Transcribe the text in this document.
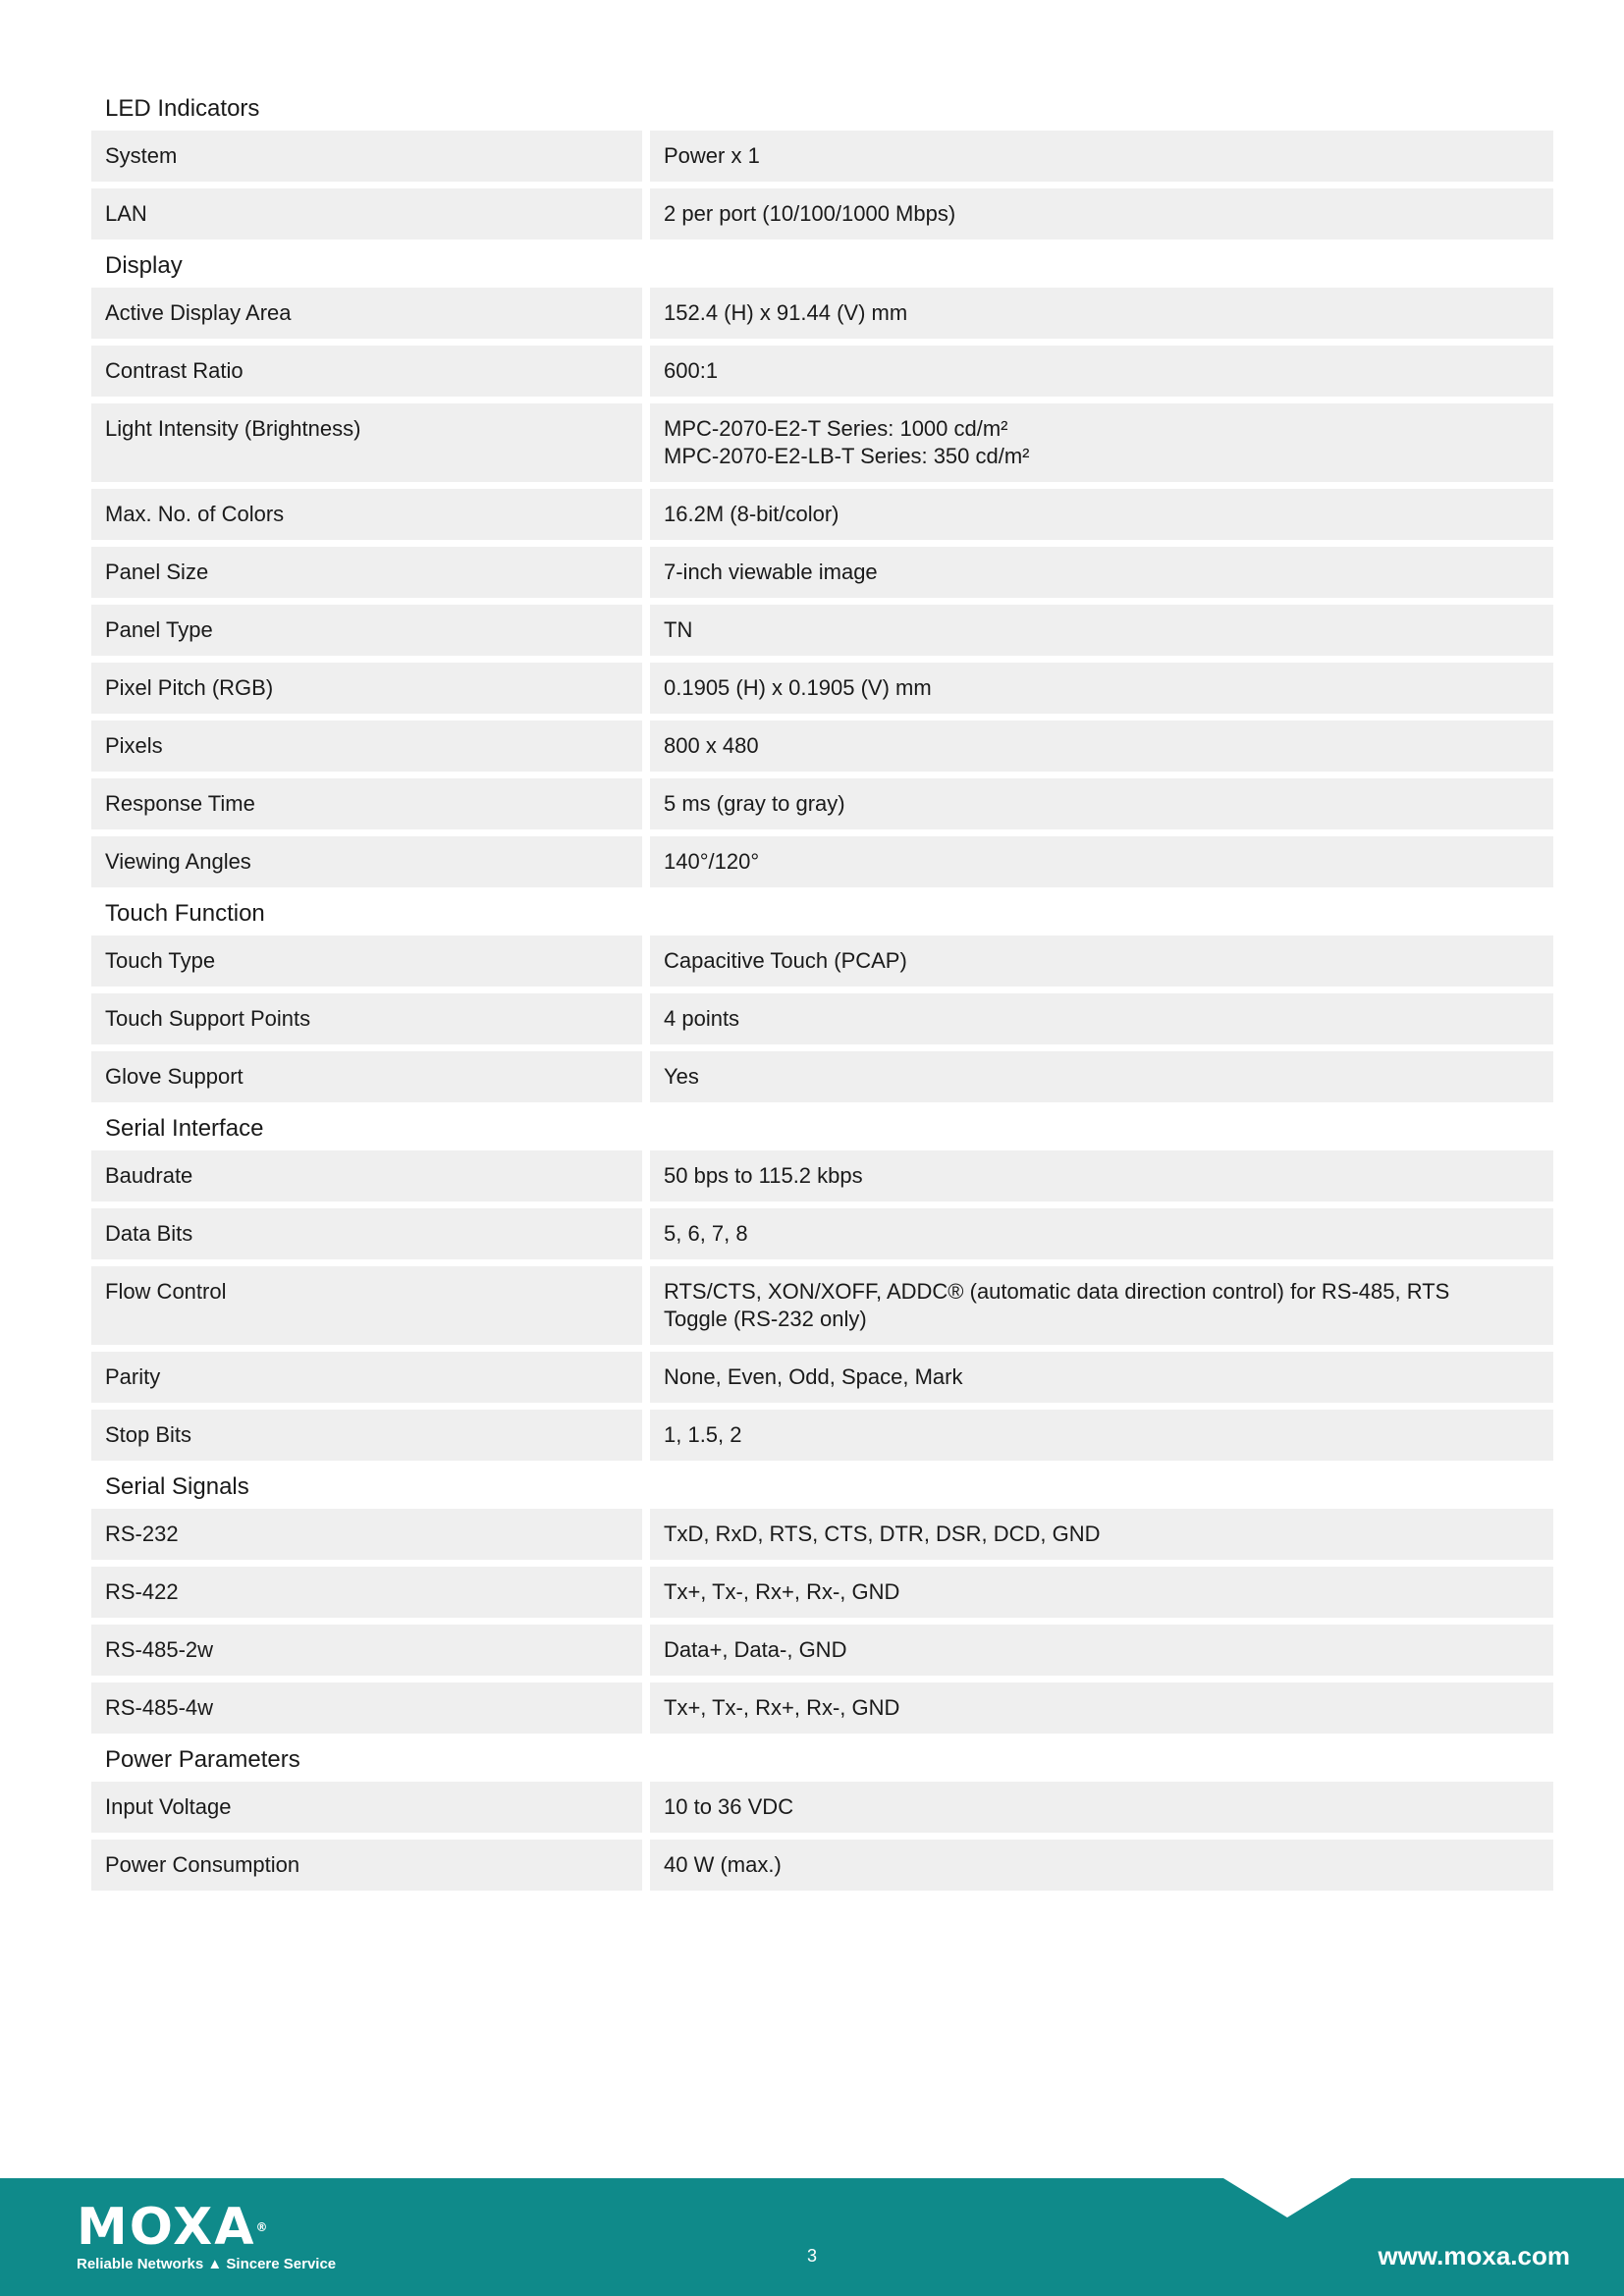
LED Indicators
System	Power x 1
LAN	2 per port (10/100/1000 Mbps)
Display
Active Display Area	152.4 (H) x 91.44 (V) mm
Contrast Ratio	600:1
Light Intensity (Brightness)	MPC-2070-E2-T Series: 1000 cd/m²
MPC-2070-E2-LB-T Series: 350 cd/m²
Max. No. of Colors	16.2M (8-bit/color)
Panel Size	7-inch viewable image
Panel Type	TN
Pixel Pitch (RGB)	0.1905 (H) x 0.1905 (V) mm
Pixels	800 x 480
Response Time	5 ms (gray to gray)
Viewing Angles	140°/120°
Touch Function
Touch Type	Capacitive Touch (PCAP)
Touch Support Points	4 points
Glove Support	Yes
Serial Interface
Baudrate	50 bps to 115.2 kbps
Data Bits	5, 6, 7, 8
Flow Control	RTS/CTS, XON/XOFF, ADDC® (automatic data direction control) for RS-485, RTS
Toggle (RS-232 only)
Parity	None, Even, Odd, Space, Mark
Stop Bits	1, 1.5, 2
Serial Signals
RS-232	TxD, RxD, RTS, CTS, DTR, DSR, DCD, GND
RS-422	Tx+, Tx-, Rx+, Rx-, GND
RS-485-2w	Data+, Data-, GND
RS-485-4w	Tx+, Tx-, Rx+, Rx-, GND
Power Parameters
Input Voltage	10 to 36 VDC
Power Consumption	40 W (max.)
MOXA®
Reliable Networks ▲ Sincere Service	3	www.moxa.com
